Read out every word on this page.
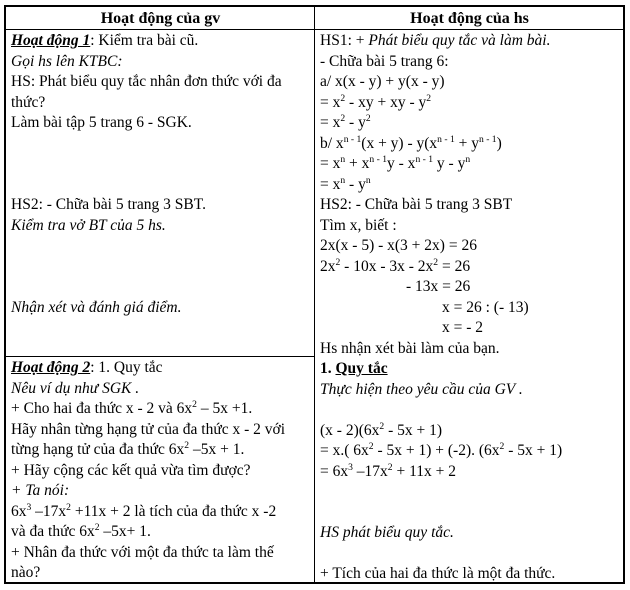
Hoạt động của gv	Hoạt động của hs
Hoạt động 1: Kiểm tra bài cũ.
Gọi hs lên KTBC:
HS: Phát biểu quy tắc nhân đơn thức với đa
thức?
Làm bài tập 5 trang 6 - SGK.

HS2: - Chữa bài 5 trang 3 SBT.
Kiểm tra vở BT của 5 hs.

Nhận xét và đánh giá điểm.
Hoạt động 2: 1. Quy tắc
Nêu ví dụ như SGK .
+ Cho hai đa thức x - 2 và $6x^2 - 5x +1$.
Hãy nhân từng hạng tử của đa thức x - 2 với
từng hạng tử của đa thức $6x^2$ –5x + 1.
+ Hãy cộng các kết quả vừa tìm được?
+ Ta nói:
$6x^3$ $-17x^2 +11x + 2$ là tích của đa thức x -2
và đa thức $6x^2$ –5x+ 1.
+ Nhân đa thức với một đa thức ta làm thế
nào?
HS1: + Phát biểu quy tắc và làm bài.
- Chữa bài 5 trang 6:
a/ x(x - y) + y(x - y)
= $x^2$ - xy + xy - $y^2$
= $x^2 - y^2$
b/ $x^{n - 1}(x + y) - y(x^{n - 1} + y^{n - 1})$
= $x^n + x^{n - 1}y - x^{n - 1}$ y - $y^n$
= $x^n - y^n$
HS2: - Chữa bài 5 trang 3 SBT
Tìm x, biết :
2x(x - 5) - x(3 + 2x) = 26
$2x^2 - 10x - 3x - 2x^2 = 26$
- 13x = 26
x = 26 : (- 13)
x = - 2
Hs nhận xét bài làm của bạn.
1. Quy tắc
Thực hiện theo yêu cầu của GV .

$(x - 2)(6x^2 - 5x + 1)$
= x.( $6x^2 - 5x + 1) + (-2)$. $(6x^2 - 5x + 1)$
= $6x^3$ $-17x^2 + 11x + 2$

HS phát biểu quy tắc.

+ Tích của hai đa thức là một đa thức.
